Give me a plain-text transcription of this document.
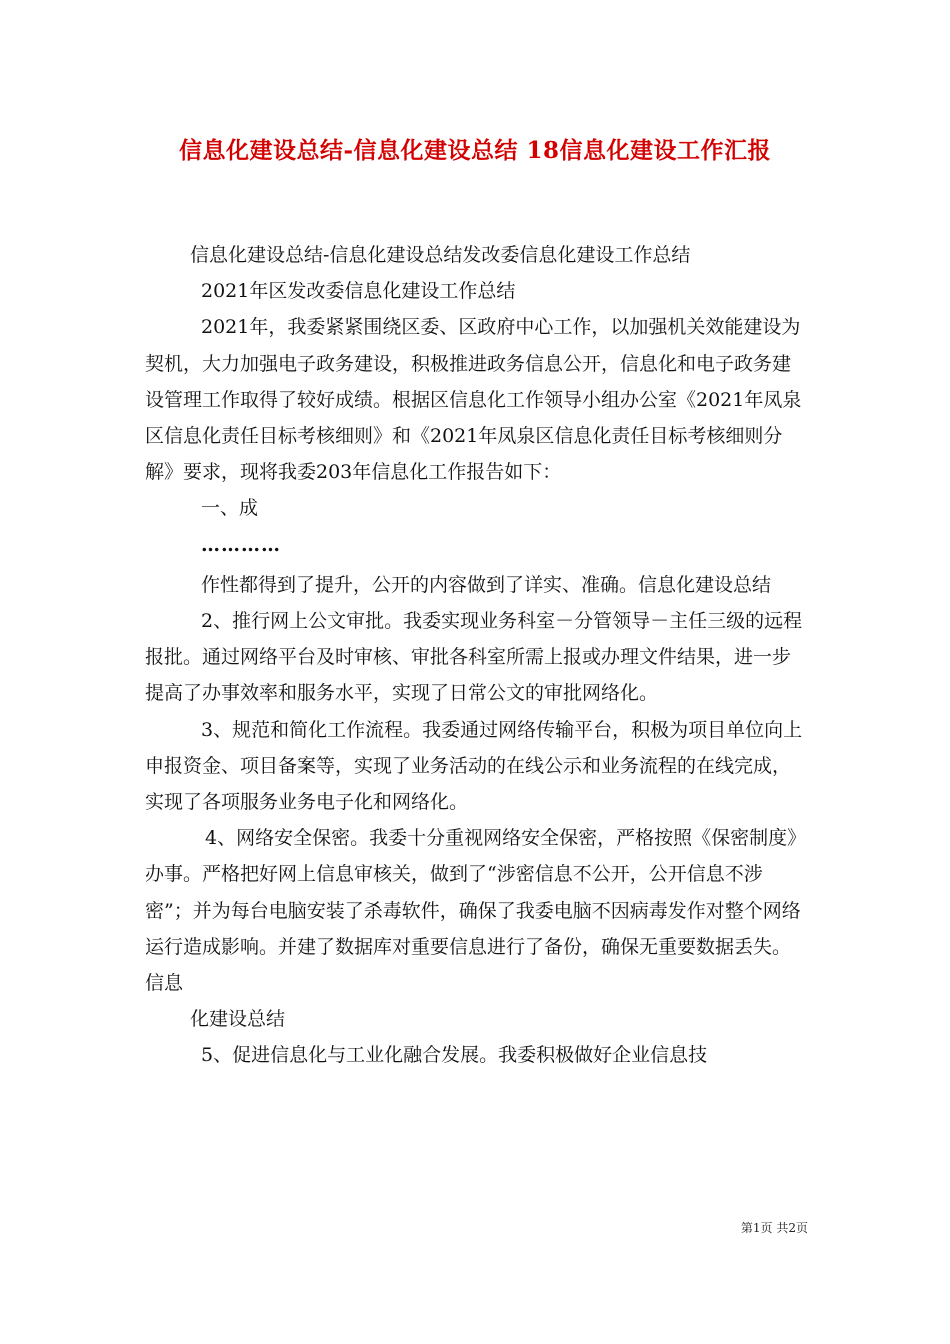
信息化建设总结-信息化建设总结 18信息化建设工作汇报

信息化建设总结-信息化建设总结发改委信息化建设工作总结

2021年区发改委信息化建设工作总结

2021年，我委紧紧围绕区委、区政府中心工作，以加强机关效能建设为契机，大力加强电子政务建设，积极推进政务信息公开，信息化和电子政务建设管理工作取得了较好成绩。根据区信息化工作领导小组办公室《2021年凤泉区信息化责任目标考核细则》和《2021年凤泉区信息化责任目标考核细则分解》要求，现将我委203年信息化工作报告如下：

一、成

…………

作性都得到了提升，公开的内容做到了详实、准确。信息化建设总结

2、推行网上公文审批。我委实现业务科室－分管领导－主任三级的远程报批。通过网络平台及时审核、审批各科室所需上报或办理文件结果，进一步提高了办事效率和服务水平，实现了日常公文的审批网络化。

3、规范和简化工作流程。我委通过网络传输平台，积极为项目单位向上申报资金、项目备案等，实现了业务活动的在线公示和业务流程的在线完成，实现了各项服务业务电子化和网络化。

4、网络安全保密。我委十分重视网络安全保密，严格按照《保密制度》办事。严格把好网上信息审核关，做到了“涉密信息不公开，公开信息不涉密”；并为每台电脑安装了杀毒软件，确保了我委电脑不因病毒发作对整个网络运行造成影响。并建了数据库对重要信息进行了备份，确保无重要数据丢失。信息

化建设总结

5、促进信息化与工业化融合发展。我委积极做好企业信息技

第1页 共2页
